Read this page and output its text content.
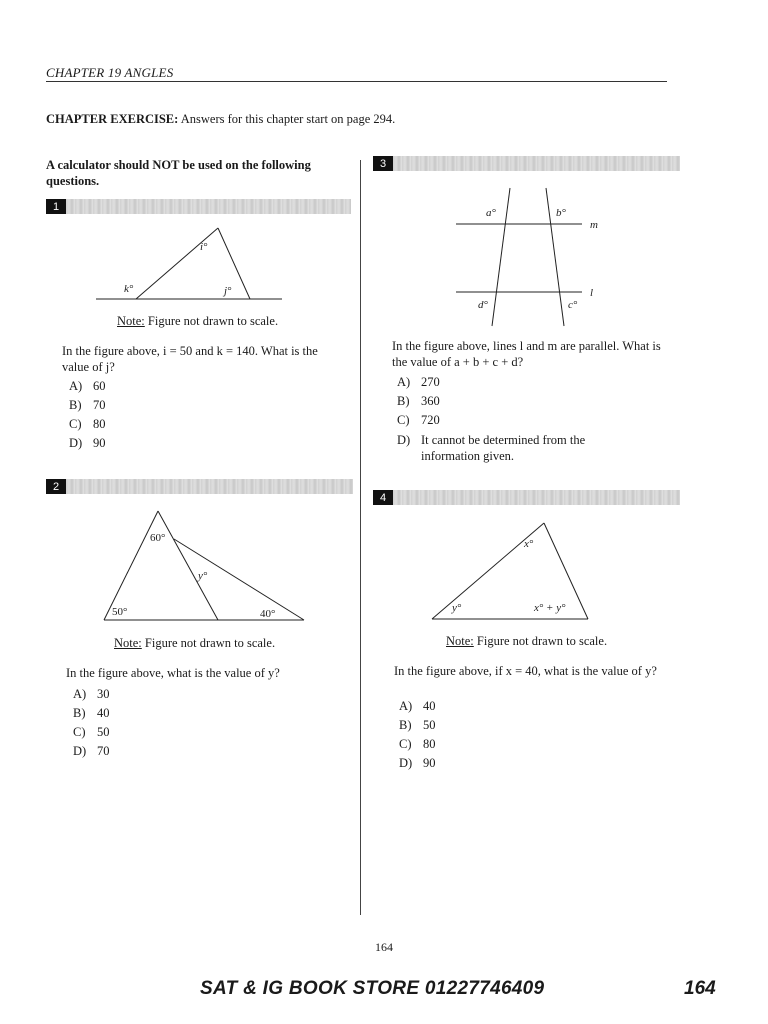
CHAPTER 19 ANGLES
CHAPTER EXERCISE: Answers for this chapter start on page 294.
A calculator should NOT be used on the following questions.
1
i°
k°	j°
Note: Figure not drawn to scale.
In the figure above, i = 50 and k = 140. What is the value of j?
A) 60
B) 70
C) 80
D) 90
2
60°
y°
50°	40°
Note: Figure not drawn to scale.
In the figure above, what is the value of y?
A) 30
B) 40
C) 50
D) 70
3
a°	b°
m
l
d°	c°
In the figure above, lines l and m are parallel. What is the value of a + b + c + d?
A) 270
B) 360
C) 720
D) It cannot be determined from the information given.
4
x°
y°	x° + y°
Note: Figure not drawn to scale.
In the figure above, if x = 40, what is the value of y?
A) 40
B) 50
C) 80
D) 90
164
SAT & IG BOOK STORE 01227746409	164
